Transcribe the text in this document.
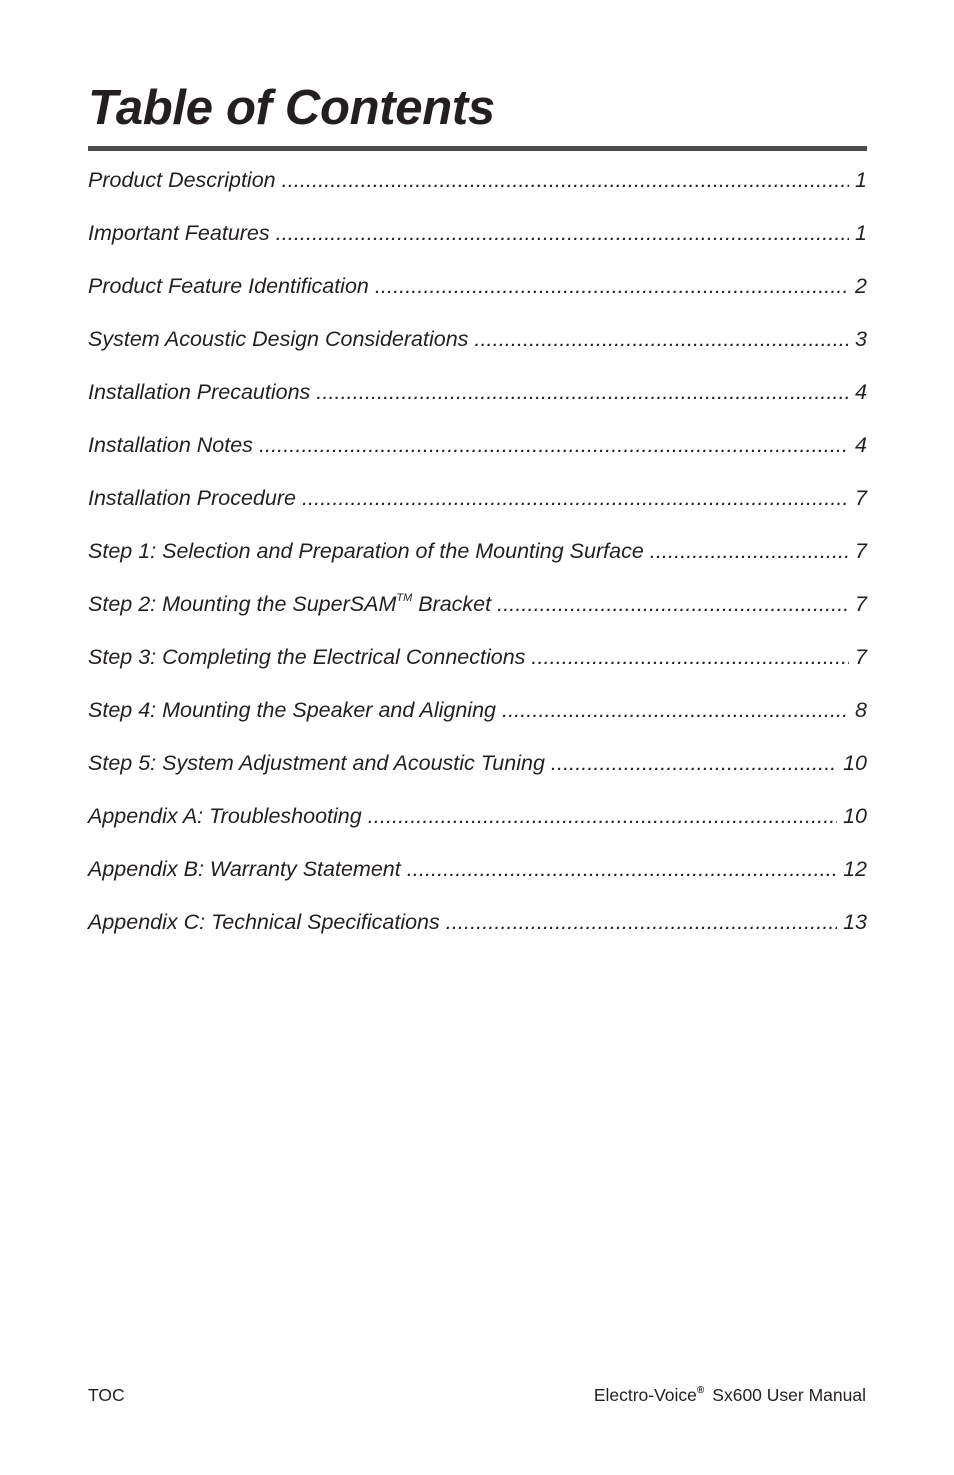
Table of Contents
Product Description .....	1
Important Features .....	1
Product Feature Identification .....	2
System Acoustic Design Considerations .....	3
Installation Precautions .....	4
Installation Notes .....	4
Installation Procedure .....	7
Step 1: Selection and Preparation of the Mounting Surface .....	7
Step 2: Mounting the SuperSAM™ Bracket .....	7
Step 3: Completing the Electrical Connections .....	7
Step 4: Mounting the Speaker and Aligning .....	8
Step 5: System Adjustment and Acoustic Tuning .....	10
Appendix A: Troubleshooting .....	10
Appendix B: Warranty Statement .....	12
Appendix C: Technical Specifications .....	13
TOC	Electro-Voice® Sx600 User Manual
